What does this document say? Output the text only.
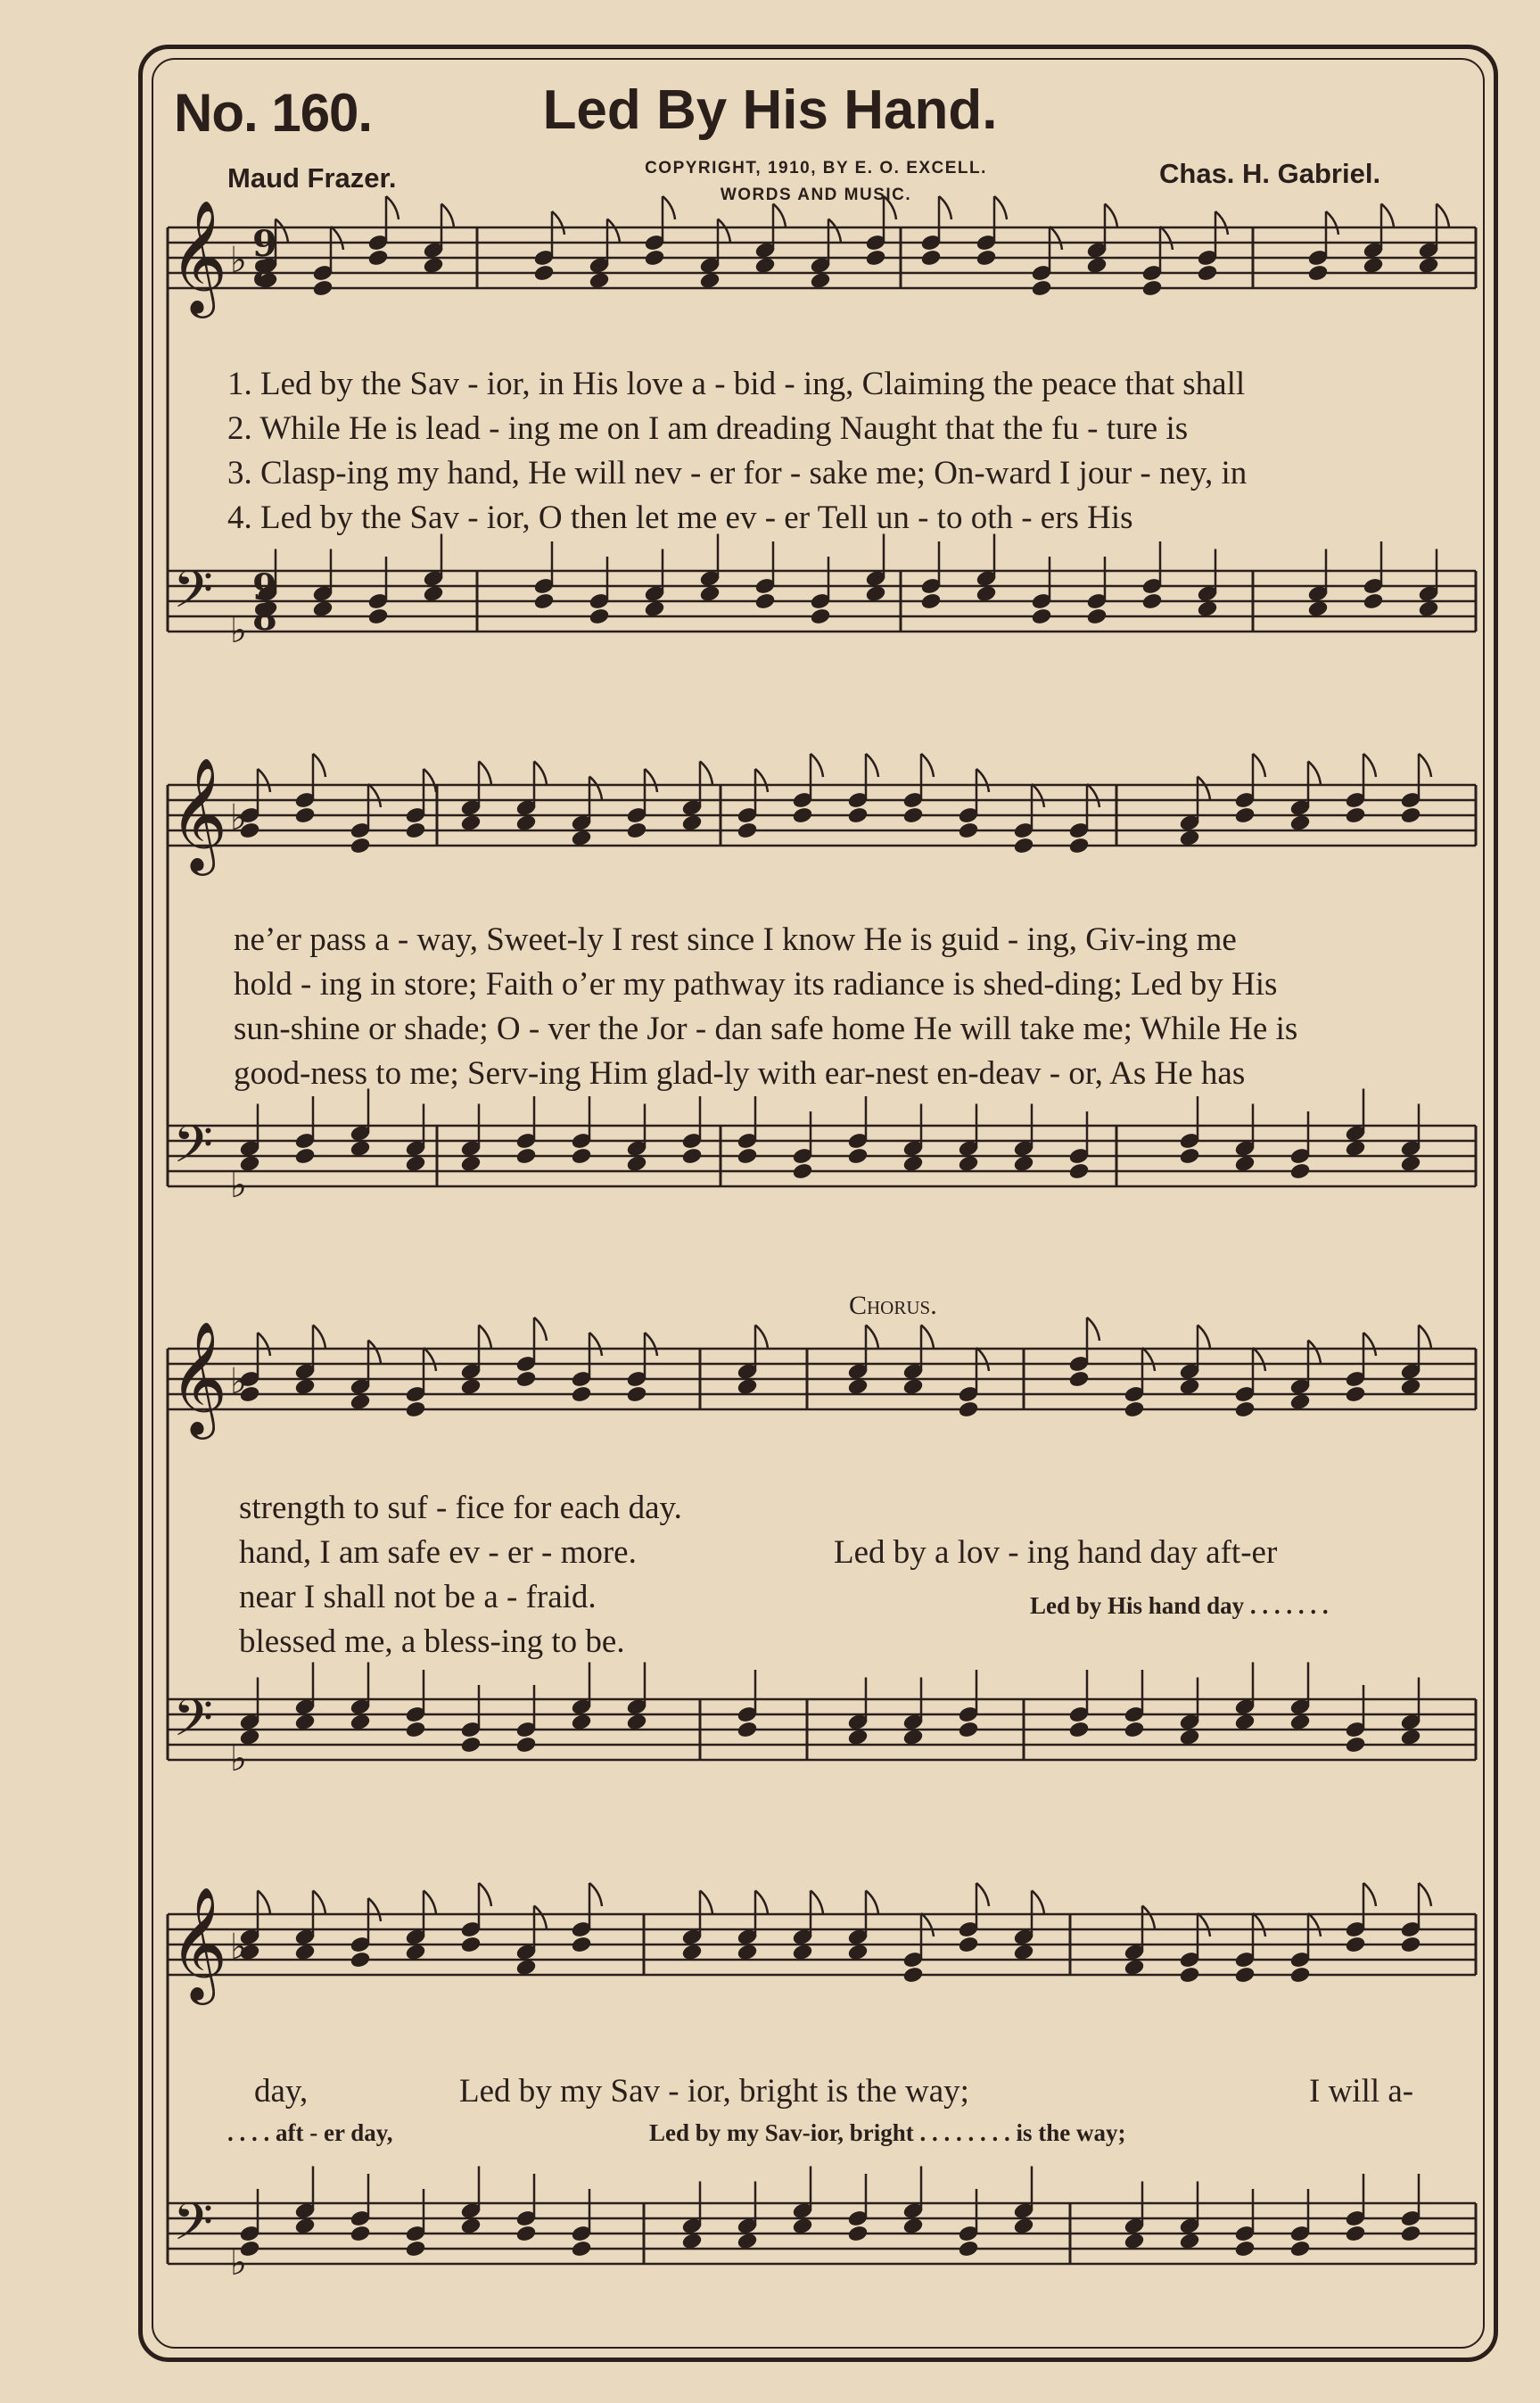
No. 160.	Led By His Hand.
Maud Frazer.	Chas. H. Gabriel.
COPYRIGHT, 1910, BY E. O. EXCELL.
WORDS AND MUSIC.
𝄞
𝄢
♭
♭
9
8
9
8
𝄞
𝄢
♭
♭
𝄞
𝄢
♭
♭
𝄞
𝄢
♭
♭
Chorus.
1. Led by the Sav - ior, in His love a - bid - ing, Claiming the peace that shall
2. While He is lead - ing me on I am dreading Naught that the fu - ture is
3. Clasp-ing my hand, He will nev - er for - sake me; On-ward I jour - ney, in
4. Led by the Sav - ior, O then let me ev - er Tell un - to oth - ers His
ne’er pass a - way, Sweet-ly I rest since I know He is guid - ing, Giv-ing me
hold - ing in store; Faith o’er my pathway its radiance is shed-ding; Led by His
sun-shine or shade; O - ver the Jor - dan safe home He will take me; While He is
good-ness to me; Serv-ing Him glad-ly with ear-nest en-deav - or, As He has
strength to suf - fice for each day.
hand, I am safe ev - er - more.
near I shall not be a - fraid.
blessed me, a bless-ing to be.
Led by a lov - ing hand day aft-er
Led by His hand day . . . . . . .
day,	Led by my Sav - ior, bright is the way;	I will a-
. . . . aft - er day,	Led by my Sav-ior, bright . . . . . . . . is the way;
